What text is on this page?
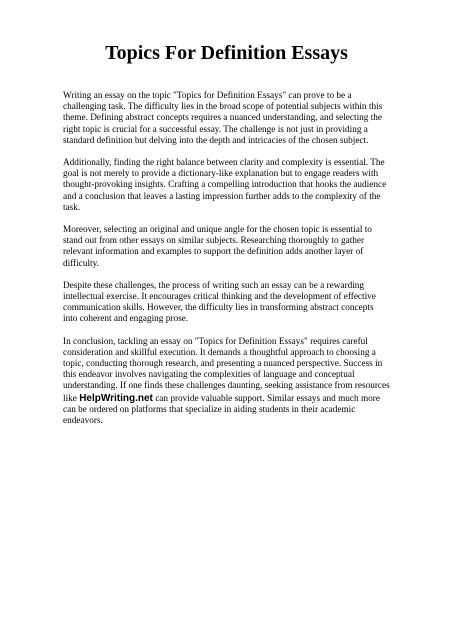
Topics For Definition Essays

Writing an essay on the topic "Topics for Definition Essays" can prove to be a challenging task. The difficulty lies in the broad scope of potential subjects within this theme. Defining abstract concepts requires a nuanced understanding, and selecting the right topic is crucial for a successful essay. The challenge is not just in providing a standard definition but delving into the depth and intricacies of the chosen subject.

Additionally, finding the right balance between clarity and complexity is essential. The goal is not merely to provide a dictionary-like explanation but to engage readers with thought-provoking insights. Crafting a compelling introduction that hooks the audience and a conclusion that leaves a lasting impression further adds to the complexity of the task.

Moreover, selecting an original and unique angle for the chosen topic is essential to stand out from other essays on similar subjects. Researching thoroughly to gather relevant information and examples to support the definition adds another layer of difficulty.

Despite these challenges, the process of writing such an essay can be a rewarding intellectual exercise. It encourages critical thinking and the development of effective communication skills. However, the difficulty lies in transforming abstract concepts into coherent and engaging prose.

In conclusion, tackling an essay on "Topics for Definition Essays" requires careful consideration and skillful execution. It demands a thoughtful approach to choosing a topic, conducting thorough research, and presenting a nuanced perspective. Success in this endeavor involves navigating the complexities of language and conceptual understanding. If one finds these challenges daunting, seeking assistance from resources like HelpWriting.net can provide valuable support. Similar essays and much more can be ordered on platforms that specialize in aiding students in their academic endeavors.
